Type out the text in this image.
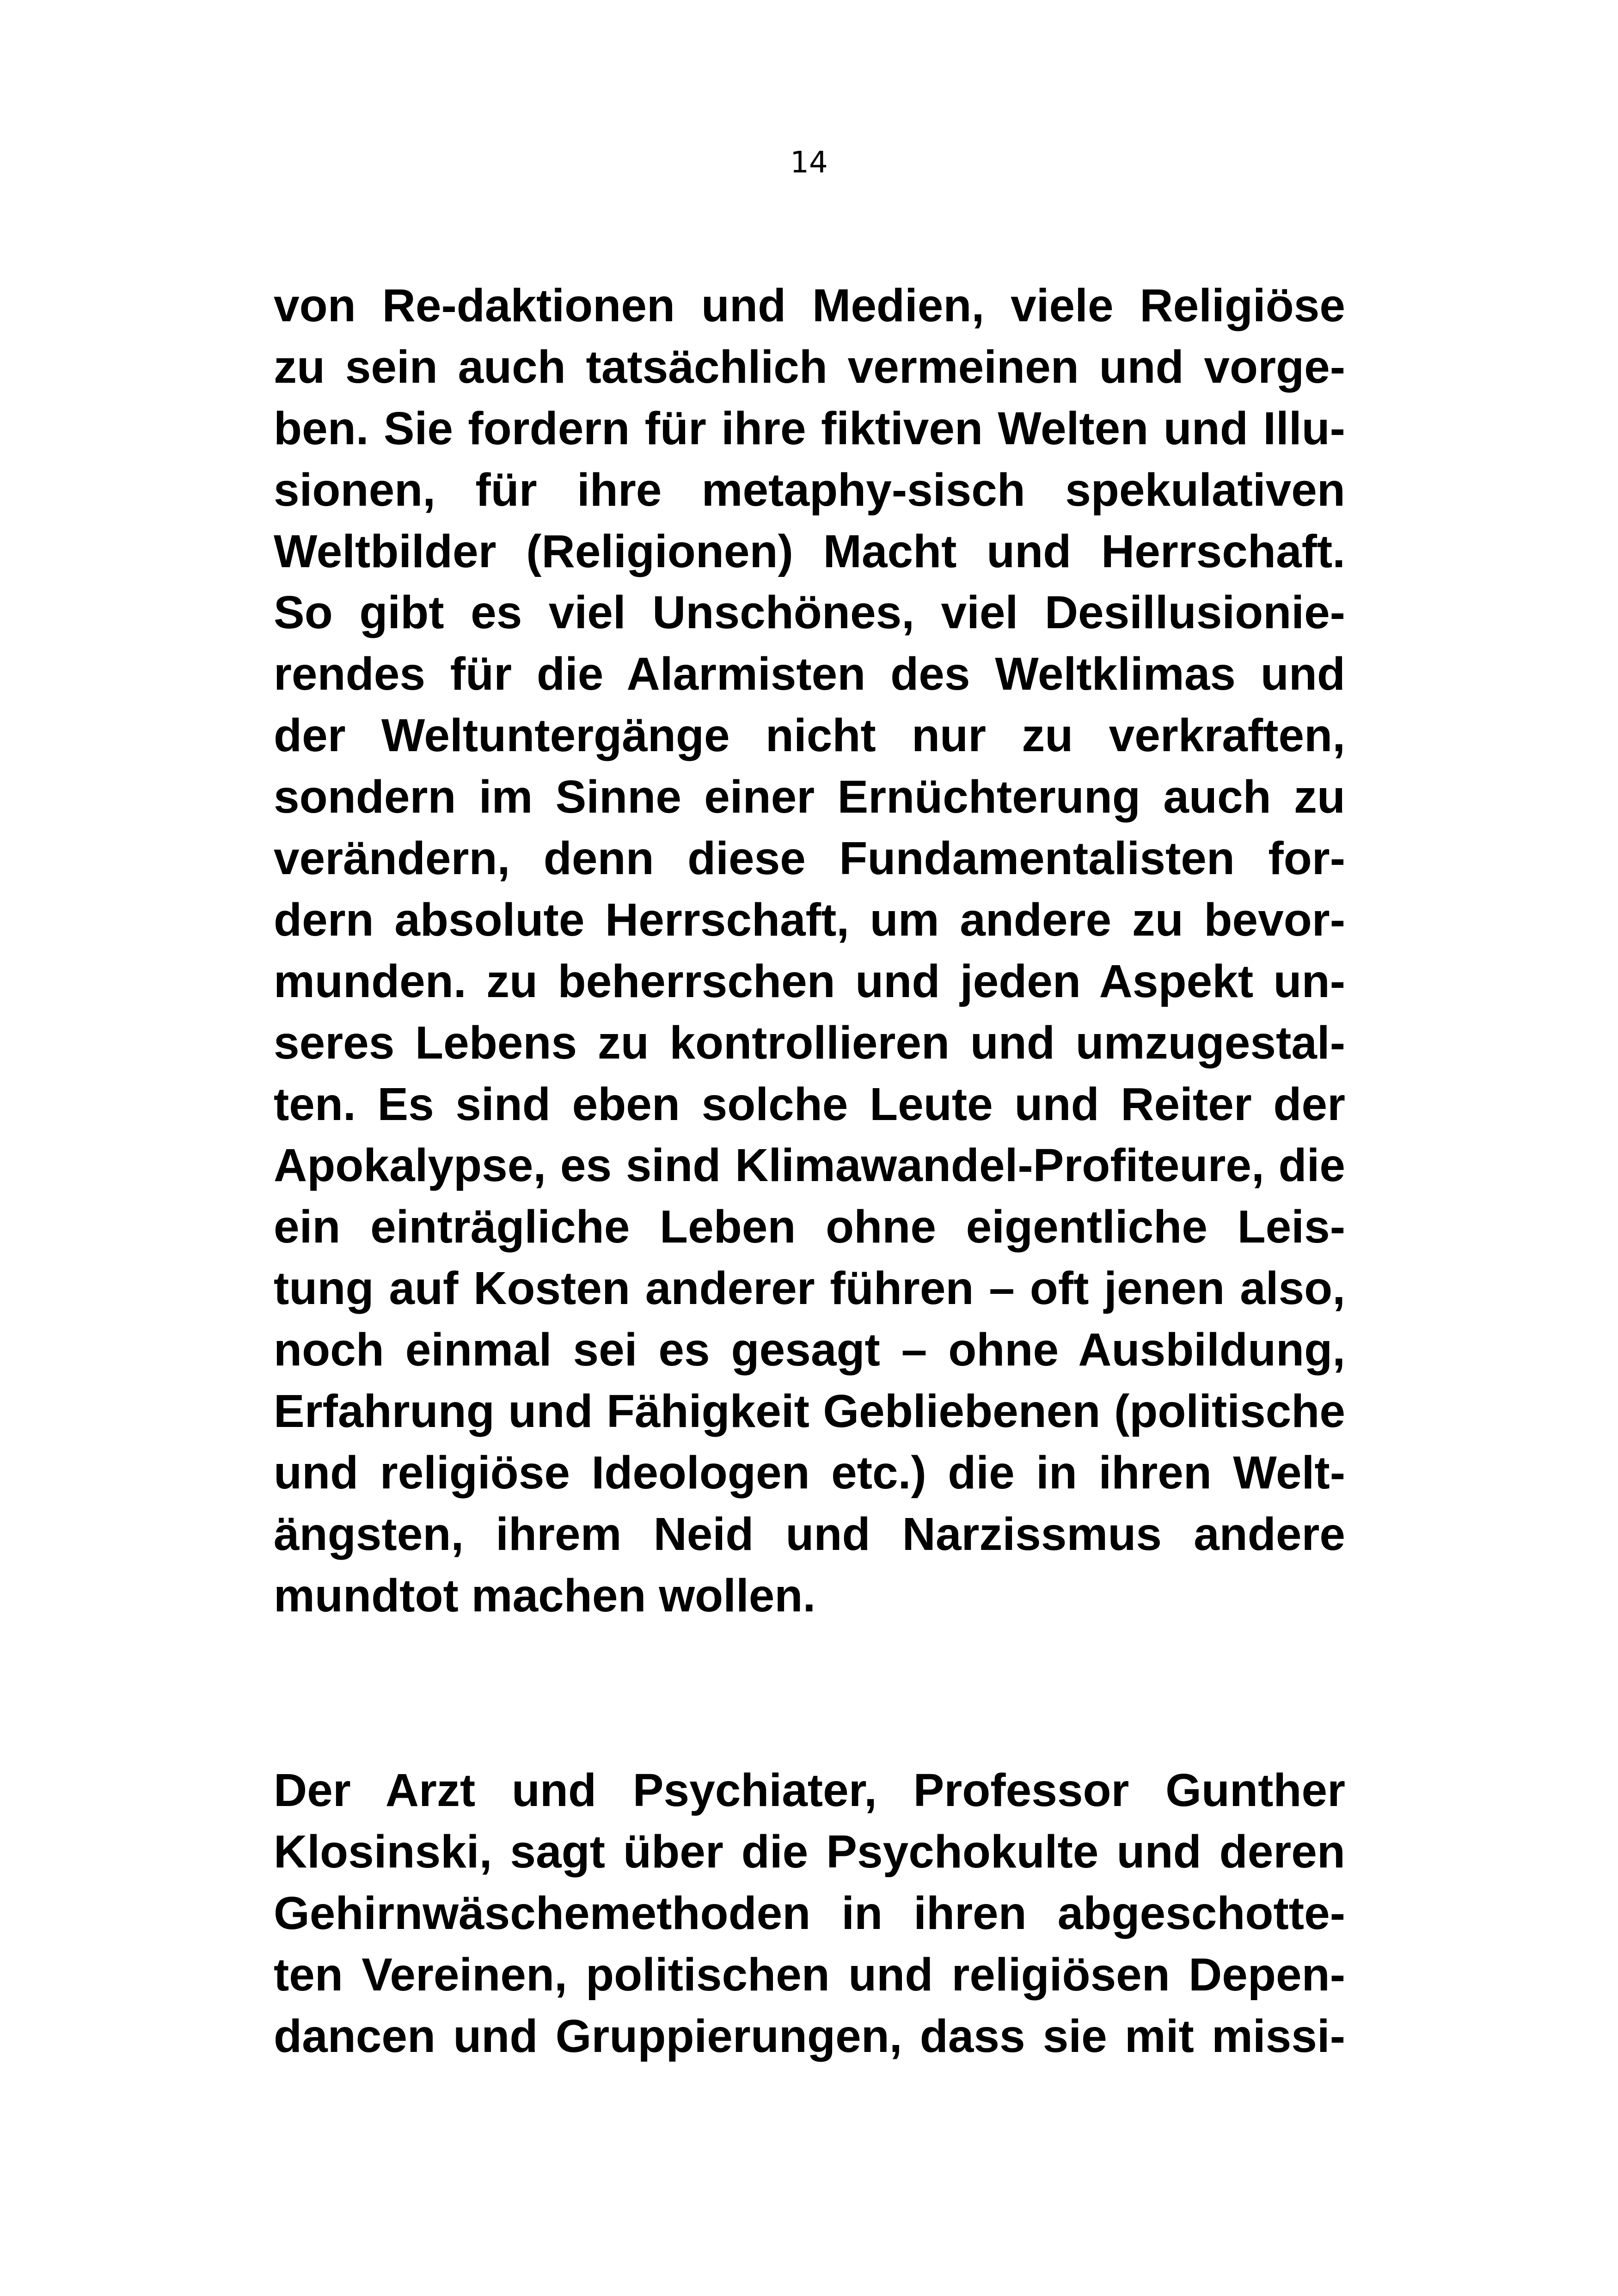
14
von Re-daktionen und Medien, viele Religiöse
zu sein auch tatsächlich vermeinen und vorge-
ben. Sie fordern für ihre fiktiven Welten und Illu-
sionen, für ihre metaphy-sisch spekulativen
Weltbilder (Religionen) Macht und Herrschaft.
So gibt es viel Unschönes, viel Desillusionie-
rendes für die Alarmisten des Weltklimas und
der Weltuntergänge nicht nur zu verkraften,
sondern im Sinne einer Ernüchterung auch zu
verändern, denn diese Fundamentalisten for-
dern absolute Herrschaft, um andere zu bevor-
munden. zu beherrschen und jeden Aspekt un-
seres Lebens zu kontrollieren und umzugestal-
ten. Es sind eben solche Leute und Reiter der
Apokalypse, es sind Klimawandel-Profiteure, die
ein einträgliche Leben ohne eigentliche Leis-
tung auf Kosten anderer führen – oft jenen also,
noch einmal sei es gesagt – ohne Ausbildung,
Erfahrung und Fähigkeit Gebliebenen (politische
und religiöse Ideologen etc.) die in ihren Welt-
ängsten, ihrem Neid und Narzissmus andere
mundtot machen wollen.
Der Arzt und Psychiater, Professor Gunther
Klosinski, sagt über die Psychokulte und deren
Gehirnwäschemethoden in ihren abgeschotte-
ten Vereinen, politischen und religiösen Depen-
dancen und Gruppierungen, dass sie mit missi-
